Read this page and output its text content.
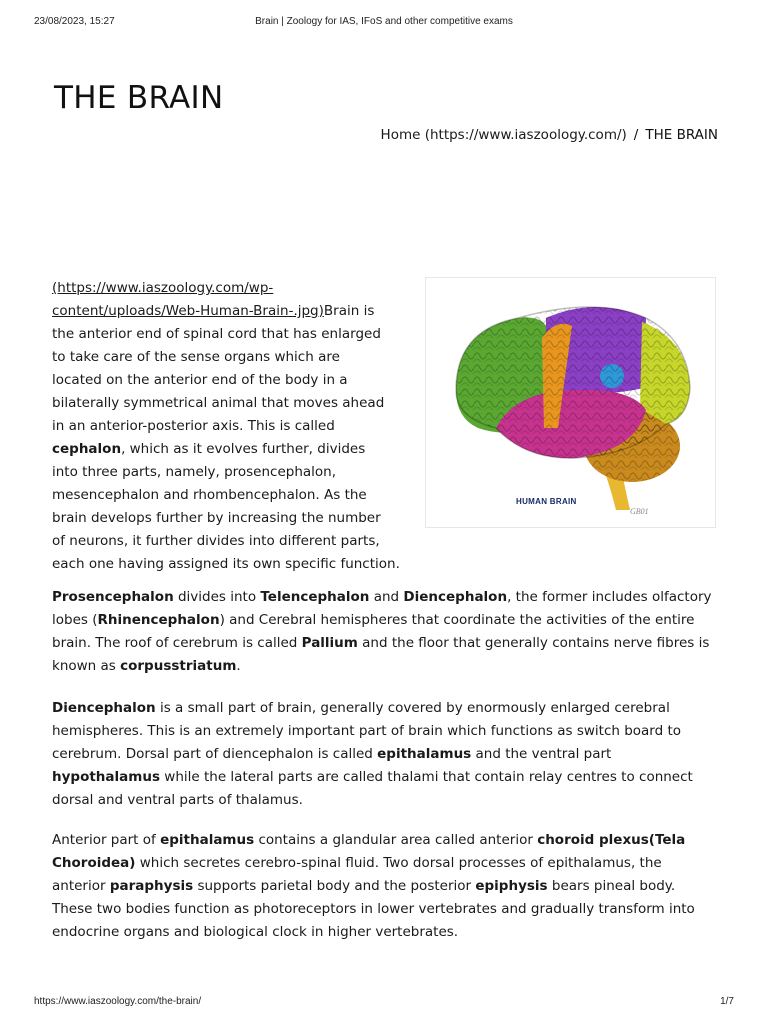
23/08/2023, 15:27	Brain | Zoology for IAS, IFoS and other competitive exams
THE BRAIN
Home (https://www.iaszoology.com/) / THE BRAIN
HUMAN BRAIN
GB01

(https://www.iaszoology.com/wp-content/uploads/Web-Human-Brain-.jpg)Brain is the anterior end of spinal cord that has enlarged to take care of the sense organs which are located on the anterior end of the body in a bilaterally symmetrical animal that moves ahead in an anterior-posterior axis. This is called cephalon, which as it evolves further, divides into three parts, namely, prosencephalon, mesencephalon and rhombencephalon. As the brain develops further by increasing the number of neurons, it further divides into different parts, each one having assigned its own specific function.

Prosencephalon divides into Telencephalon and Diencephalon, the former includes olfactory lobes (Rhinencephalon) and Cerebral hemispheres that coordinate the activities of the entire brain. The roof of cerebrum is called Pallium and the floor that generally contains nerve fibres is known as corpusstriatum.

Diencephalon is a small part of brain, generally covered by enormously enlarged cerebral hemispheres. This is an extremely important part of brain which functions as switch board to cerebrum. Dorsal part of diencephalon is called epithalamus and the ventral part hypothalamus while the lateral parts are called thalami that contain relay centres to connect dorsal and ventral parts of thalamus.

Anterior part of epithalamus contains a glandular area called anterior choroid plexus(Tela Choroidea) which secretes cerebro-spinal fluid. Two dorsal processes of epithalamus, the anterior paraphysis supports parietal body and the posterior epiphysis bears pineal body. These two bodies function as photoreceptors in lower vertebrates and gradually transform into endocrine organs and biological clock in higher vertebrates.

https://www.iaszoology.com/the-brain/	1/7
